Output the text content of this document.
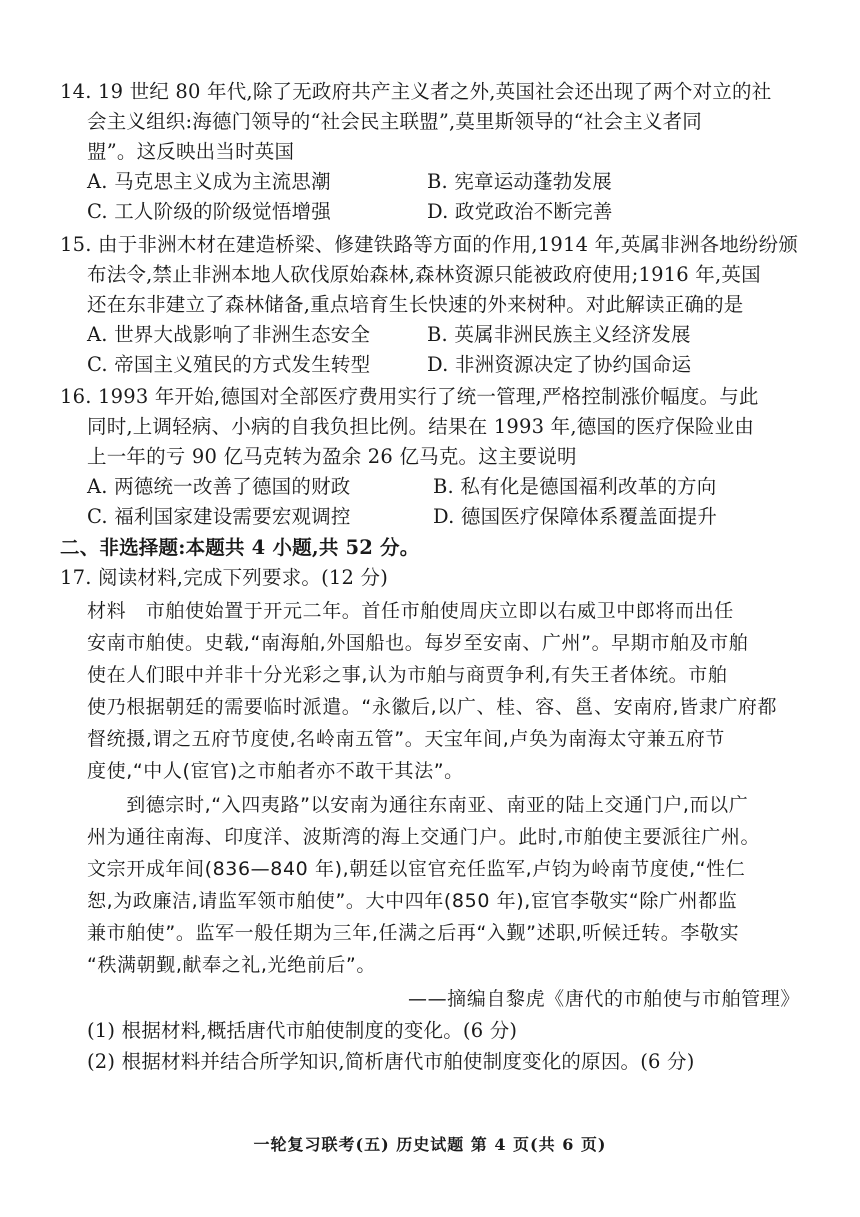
14. 19 世纪 80 年代,除了无政府共产主义者之外,英国社会还出现了两个对立的社
会主义组织:海德门领导的“社会民主联盟”,莫里斯领导的“社会主义者同
盟”。这反映出当时英国
A. 马克思主义成为主流思潮	B. 宪章运动蓬勃发展
C. 工人阶级的阶级觉悟增强	D. 政党政治不断完善
15. 由于非洲木材在建造桥梁、修建铁路等方面的作用,1914 年,英属非洲各地纷纷颁
布法令,禁止非洲本地人砍伐原始森林,森林资源只能被政府使用;1916 年,英国
还在东非建立了森林储备,重点培育生长快速的外来树种。对此解读正确的是
A. 世界大战影响了非洲生态安全	B. 英属非洲民族主义经济发展
C. 帝国主义殖民的方式发生转型	D. 非洲资源决定了协约国命运
16. 1993 年开始,德国对全部医疗费用实行了统一管理,严格控制涨价幅度。与此
同时,上调轻病、小病的自我负担比例。结果在 1993 年,德国的医疗保险业由
上一年的亏 90 亿马克转为盈余 26 亿马克。这主要说明
A. 两德统一改善了德国的财政	B. 私有化是德国福利改革的方向
C. 福利国家建设需要宏观调控	D. 德国医疗保障体系覆盖面提升
二、非选择题:本题共 4 小题,共 52 分。
17. 阅读材料,完成下列要求。(12 分)
材料　市舶使始置于开元二年。首任市舶使周庆立即以右威卫中郎将而出任
安南市舶使。史载,“南海舶,外国船也。每岁至安南、广州”。早期市舶及市舶
使在人们眼中并非十分光彩之事,认为市舶与商贾争利,有失王者体统。市舶
使乃根据朝廷的需要临时派遣。“永徽后,以广、桂、容、邕、安南府,皆隶广府都
督统摄,谓之五府节度使,名岭南五管”。天宝年间,卢奂为南海太守兼五府节
度使,“中人(宦官)之市舶者亦不敢干其法”。
　　到德宗时,“入四夷路”以安南为通往东南亚、南亚的陆上交通门户,而以广
州为通往南海、印度洋、波斯湾的海上交通门户。此时,市舶使主要派往广州。
文宗开成年间(836—840 年),朝廷以宦官充任监军,卢钧为岭南节度使,“性仁
恕,为政廉洁,请监军领市舶使”。大中四年(850 年),宦官李敬实“除广州都监
兼市舶使”。监军一般任期为三年,任满之后再“入觐”述职,听候迁转。李敬实
“秩满朝觐,献奉之礼,光绝前后”。
——摘编自黎虎《唐代的市舶使与市舶管理》
(1) 根据材料,概括唐代市舶使制度的变化。(6 分)
(2) 根据材料并结合所学知识,简析唐代市舶使制度变化的原因。(6 分)
一轮复习联考(五) 历史试题 第 4 页(共 6 页)
